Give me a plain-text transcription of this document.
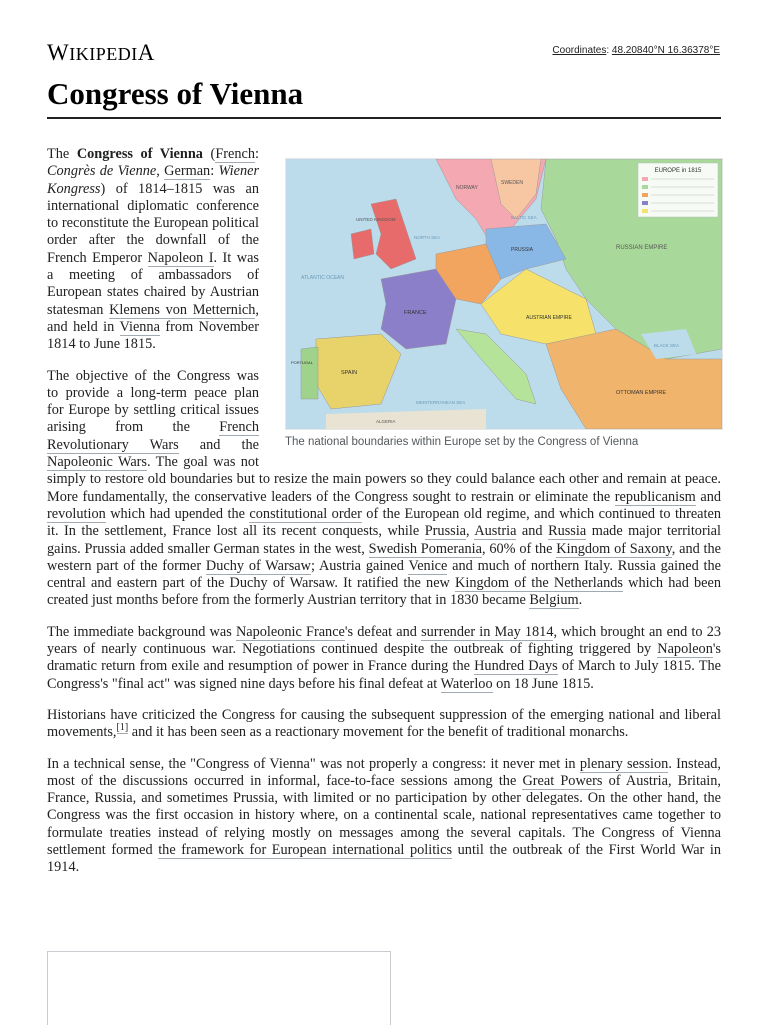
WIKIPEDIA	Coordinates: 48.20840°N 16.36378°E
Congress of Vienna
EUROPE in 1815
NORWAY
SWEDEN
UNITED KINGDOM
RUSSIAN EMPIRE
ATLANTIC OCEAN
NORTH SEA
BALTIC SEA
FRANCE
SPAIN
PORTUGAL
PRUSSIA
AUSTRIAN EMPIRE
OTTOMAN EMPIRE
BLACK SEA
MEDITERRANEAN SEA
ALGERIA
The national boundaries within Europe set by the Congress of Vienna

The Congress of Vienna (French: Congrès de Vienne, German: Wiener Kongress) of 1814–1815 was an international diplomatic conference to reconstitute the European political order after the downfall of the French Emperor Napoleon I. It was a meeting of ambassadors of European states chaired by Austrian statesman Klemens von Metternich, and held in Vienna from November 1814 to June 1815.

The objective of the Congress was to provide a long-term peace plan for Europe by settling critical issues arising from the French Revolutionary Wars and the Napoleonic Wars. The goal was not simply to restore old boundaries but to resize the main powers so they could balance each other and remain at peace. More fundamentally, the conservative leaders of the Congress sought to restrain or eliminate the republicanism and revolution which had upended the constitutional order of the European old regime, and which continued to threaten it. In the settlement, France lost all its recent conquests, while Prussia, Austria and Russia made major territorial gains. Prussia added smaller German states in the west, Swedish Pomerania, 60% of the Kingdom of Saxony, and the western part of the former Duchy of Warsaw; Austria gained Venice and much of northern Italy. Russia gained the central and eastern part of the Duchy of Warsaw. It ratified the new Kingdom of the Netherlands which had been created just months before from the formerly Austrian territory that in 1830 became Belgium.

The immediate background was Napoleonic France's defeat and surrender in May 1814, which brought an end to 23 years of nearly continuous war. Negotiations continued despite the outbreak of fighting triggered by Napoleon's dramatic return from exile and resumption of power in France during the Hundred Days of March to July 1815. The Congress's "final act" was signed nine days before his final defeat at Waterloo on 18 June 1815.

Historians have criticized the Congress for causing the subsequent suppression of the emerging national and liberal movements,[1] and it has been seen as a reactionary movement for the benefit of traditional monarchs.

In a technical sense, the "Congress of Vienna" was not properly a congress: it never met in plenary session. Instead, most of the discussions occurred in informal, face-to-face sessions among the Great Powers of Austria, Britain, France, Russia, and sometimes Prussia, with limited or no participation by other delegates. On the other hand, the Congress was the first occasion in history where, on a continental scale, national representatives came together to formulate treaties instead of relying mostly on messages among the several capitals. The Congress of Vienna settlement formed the framework for European international politics until the outbreak of the First World War in 1914.
